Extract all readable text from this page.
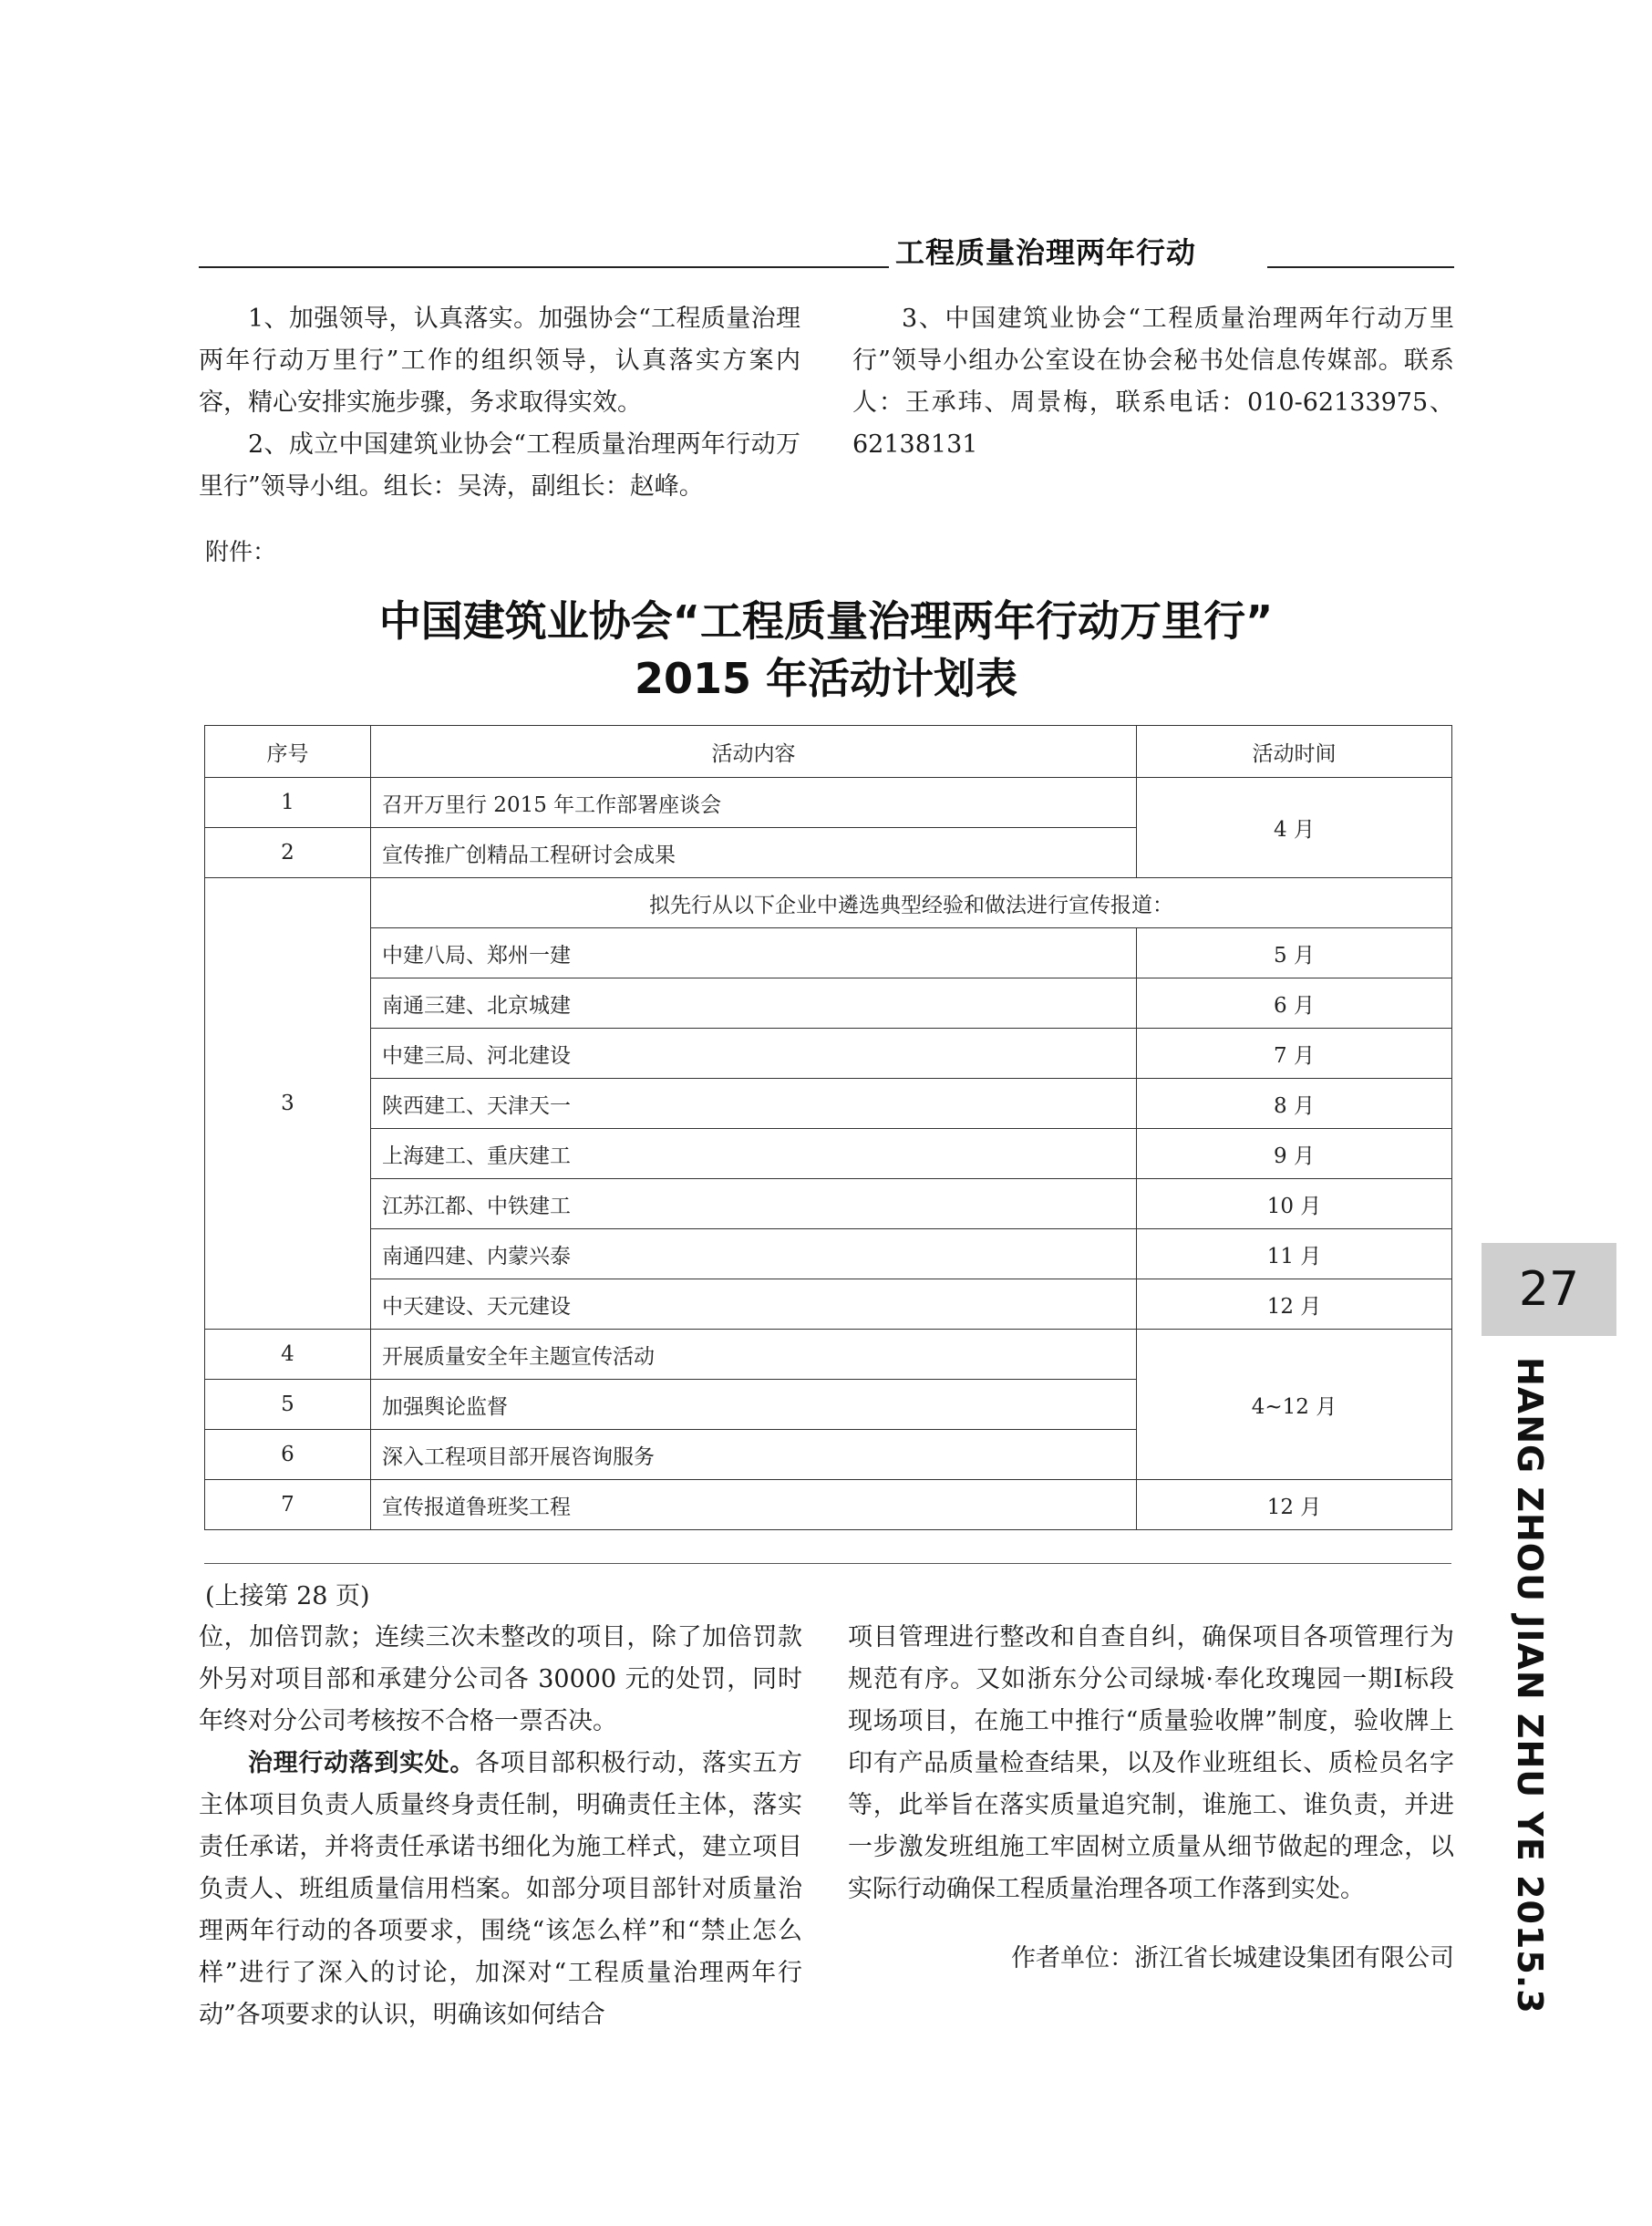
工程质量治理两年行动

1、加强领导，认真落实。加强协会“工程质量治理两年行动万里行”工作的组织领导，认真落实方案内容，精心安排实施步骤，务求取得实效。

2、成立中国建筑业协会“工程质量治理两年行动万里行”领导小组。组长：吴涛，副组长：赵峰。

3、中国建筑业协会“工程质量治理两年行动万里行”领导小组办公室设在协会秘书处信息传媒部。联系人：王承玮、周景梅，联系电话：010-62133975、62138131

附件：
中国建筑业协会“工程质量治理两年行动万里行”
2015 年活动计划表
序号	活动内容	活动时间
1	召开万里行 2015 年工作部署座谈会	4 月
2	宣传推广创精品工程研讨会成果	
3	拟先行从以下企业中遴选典型经验和做法进行宣传报道：	
	中建八局、郑州一建	5 月
	南通三建、北京城建	6 月
	中建三局、河北建设	7 月
	陕西建工、天津天一	8 月
	上海建工、重庆建工	9 月
	江苏江都、中铁建工	10 月
	南通四建、内蒙兴泰	11 月
	中天建设、天元建设	12 月
4	开展质量安全年主题宣传活动	4~12 月
5	加强舆论监督	
6	深入工程项目部开展咨询服务	
7	宣传报道鲁班奖工程	12 月
(上接第 28 页)

位，加倍罚款；连续三次未整改的项目，除了加倍罚款外另对项目部和承建分公司各 30000 元的处罚，同时年终对分公司考核按不合格一票否决。

治理行动落到实处。各项目部积极行动，落实五方主体项目负责人质量终身责任制，明确责任主体，落实责任承诺，并将责任承诺书细化为施工样式，建立项目负责人、班组质量信用档案。如部分项目部针对质量治理两年行动的各项要求，围绕“该怎么样”和“禁止怎么样”进行了深入的讨论，加深对“工程质量治理两年行动”各项要求的认识，明确该如何结合

项目管理进行整改和自查自纠，确保项目各项管理行为规范有序。又如浙东分公司绿城·奉化玫瑰园一期Ⅰ标段现场项目，在施工中推行“质量验收牌”制度，验收牌上印有产品质量检查结果，以及作业班组长、质检员名字等，此举旨在落实质量追究制，谁施工、谁负责，并进一步激发班组施工牢固树立质量从细节做起的理念，以实际行动确保工程质量治理各项工作落到实处。

作者单位：浙江省长城建设集团有限公司
27
HANG ZHOU JIAN ZHU YE 2015.3
